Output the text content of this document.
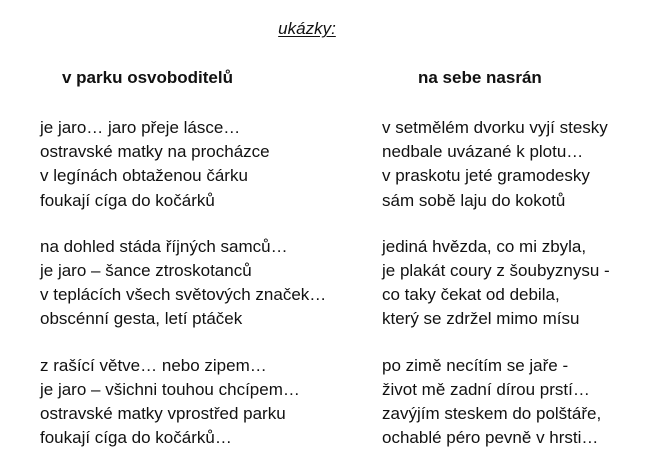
ukázky:
v parku osvoboditelů
je jaro… jaro přeje lásce…
ostravské matky na procházce
v legínách obtaženou čárku
foukají cíga do kočárků
na dohled stáda říjných samců…
je jaro – šance ztroskotanců
v teplácích všech světových značek…
obscénní gesta, letí ptáček
z rašící větve… nebo zipem…
je jaro – všichni touhou chcípem…
ostravské matky vprostřed parku
foukají cíga do kočárků…
na sebe nasrán
v setmělém dvorku vyjí stesky
nedbale uvázané k plotu…
v praskotu jeté gramodesky
sám sobě laju do kokotů
jediná hvězda, co mi zbyla,
je plakát coury z šoubyznysu -
co taky čekat od debila,
který se zdržel mimo mísu
po zimě necítím se jaře -
život mě zadní dírou prstí…
zavýjím steskem do polštáře,
ochablé péro pevně v hrsti…
